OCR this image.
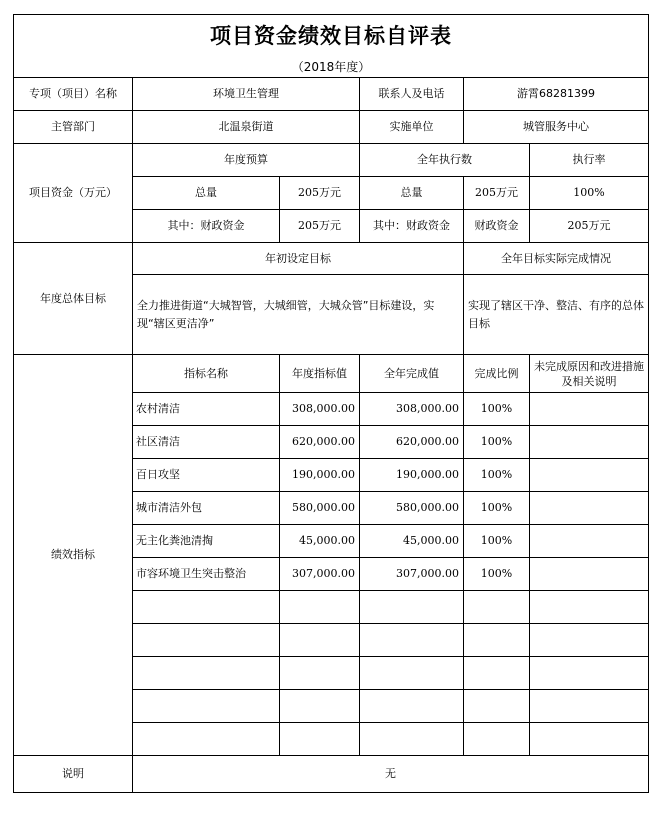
项目资金绩效目标自评表					
（2018年度）					
专项（项目）名称	环境卫生管理		联系人及电话	游霄68281399	
主管部门	北温泉街道		实施单位	城管服务中心	
项目资金（万元）	年度预算		全年执行数		执行率
	总量	205万元	总量	205万元	100%
	其中：财政资金	205万元	其中：财政资金	财政资金	205万元
年度总体目标	年初设定目标			全年目标实际完成情况	
	全力推进街道“大城智管，大城细管，大城众管”目标建设，实现“辖区更洁净”			实现了辖区干净、整洁、有序的总体目标	
绩效指标	指标名称	年度指标值	全年完成值	完成比例	未完成原因和改进措施及相关说明
	农村清洁	308,000.00	308,000.00	100%	
	社区清洁	620,000.00	620,000.00	100%	
	百日攻坚	190,000.00	190,000.00	100%	
	城市清洁外包	580,000.00	580,000.00	100%	
	无主化粪池清掏	45,000.00	45,000.00	100%	
	市容环境卫生突击整治	307,000.00	307,000.00	100%	

说明	无				
